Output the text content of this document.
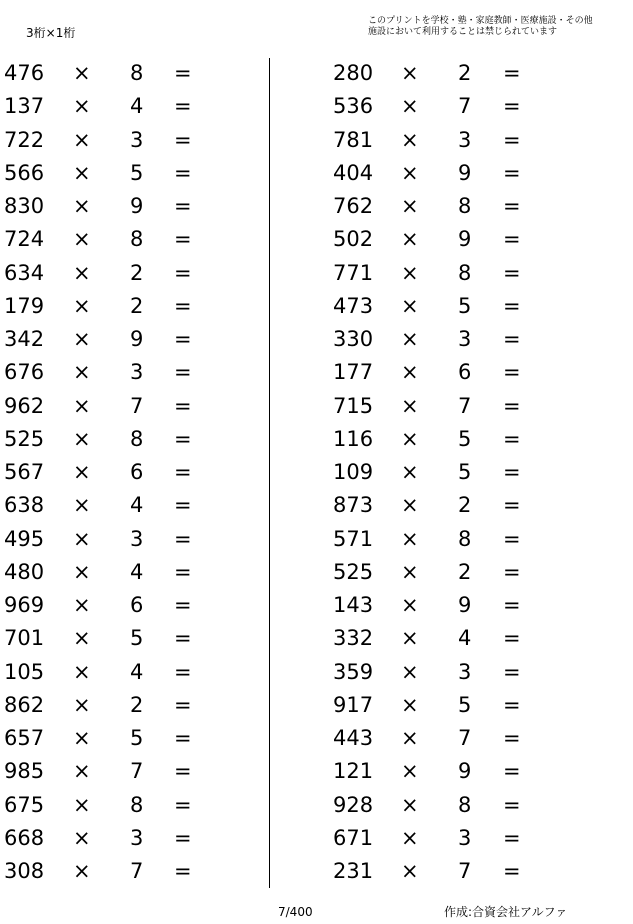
3桁×1桁
このプリントを学校・塾・家庭教師・医療施設・その他
施設において利用することは禁じられています
476 × 8 =
137 × 4 =
722 × 3 =
566 × 5 =
830 × 9 =
724 × 8 =
634 × 2 =
179 × 2 =
342 × 9 =
676 × 3 =
962 × 7 =
525 × 8 =
567 × 6 =
638 × 4 =
495 × 3 =
480 × 4 =
969 × 6 =
701 × 5 =
105 × 4 =
862 × 2 =
657 × 5 =
985 × 7 =
675 × 8 =
668 × 3 =
308 × 7 =
280 × 2 =
536 × 7 =
781 × 3 =
404 × 9 =
762 × 8 =
502 × 9 =
771 × 8 =
473 × 5 =
330 × 3 =
177 × 6 =
715 × 7 =
116 × 5 =
109 × 5 =
873 × 2 =
571 × 8 =
525 × 2 =
143 × 9 =
332 × 4 =
359 × 3 =
917 × 5 =
443 × 7 =
121 × 9 =
928 × 8 =
671 × 3 =
231 × 7 =
7/400	作成:合資会社アルファ
